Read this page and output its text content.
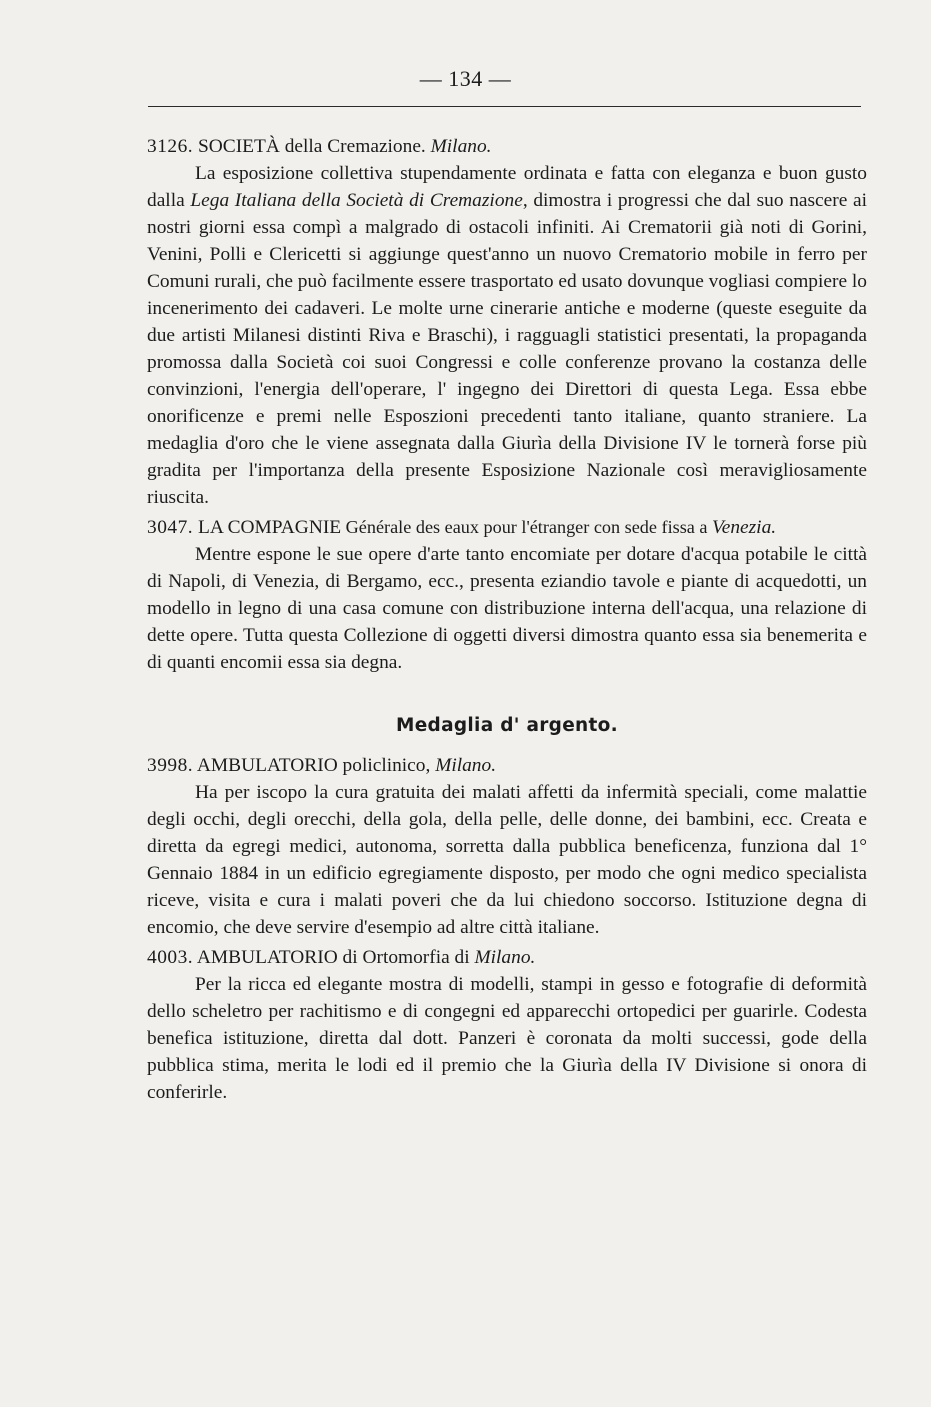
— 134 —

3126. SOCIETÀ della Cremazione. Milano.

La esposizione collettiva stupendamente ordinata e fatta con eleganza e buon gusto dalla Lega Italiana della Società di Cremazione, dimostra i progressi che dal suo nascere ai nostri giorni essa compì a malgrado di ostacoli infiniti. Ai Crematorii già noti di Gorini, Venini, Polli e Clericetti si aggiunge quest'anno un nuovo Crematorio mobile in ferro per Comuni rurali, che può facilmente essere trasportato ed usato dovunque vogliasi compiere lo incenerimento dei cadaveri. Le molte urne cinerarie antiche e moderne (queste eseguite da due artisti Milanesi distinti Riva e Braschi), i ragguagli statistici presentati, la propaganda promossa dalla Società coi suoi Congressi e colle conferenze provano la costanza delle convinzioni, l'energia dell'operare, l' ingegno dei Direttori di questa Lega. Essa ebbe onorificenze e premi nelle Esposzioni precedenti tanto italiane, quanto straniere. La medaglia d'oro che le viene assegnata dalla Giurìa della Divisione IV le tornerà forse più gradita per l'importanza della presente Esposizione Nazionale così meravigliosamente riuscita.

3047. LA COMPAGNIE Générale des eaux pour l'étranger con sede fissa a Venezia.

Mentre espone le sue opere d'arte tanto encomiate per dotare d'acqua potabile le città di Napoli, di Venezia, di Bergamo, ecc., presenta eziandio tavole e piante di acquedotti, un modello in legno di una casa comune con distribuzione interna dell'acqua, una relazione di dette opere. Tutta questa Collezione di oggetti diversi dimostra quanto essa sia benemerita e di quanti encomii essa sia degna.

Medaglia d' argento.

3998. AMBULATORIO policlinico, Milano.

Ha per iscopo la cura gratuita dei malati affetti da infermità speciali, come malattie degli occhi, degli orecchi, della gola, della pelle, delle donne, dei bambini, ecc. Creata e diretta da egregi medici, autonoma, sorretta dalla pubblica beneficenza, funziona dal 1° Gennaio 1884 in un edificio egregiamente disposto, per modo che ogni medico specialista riceve, visita e cura i malati poveri che da lui chiedono soccorso. Istituzione degna di encomio, che deve servire d'esempio ad altre città italiane.

4003. AMBULATORIO di Ortomorfia di Milano.

Per la ricca ed elegante mostra di modelli, stampi in gesso e fotografie di deformità dello scheletro per rachitismo e di congegni ed apparecchi ortopedici per guarirle. Codesta benefica istituzione, diretta dal dott. Panzeri è coronata da molti successi, gode della pubblica stima, merita le lodi ed il premio che la Giurìa della IV Divisione si onora di conferirle.
